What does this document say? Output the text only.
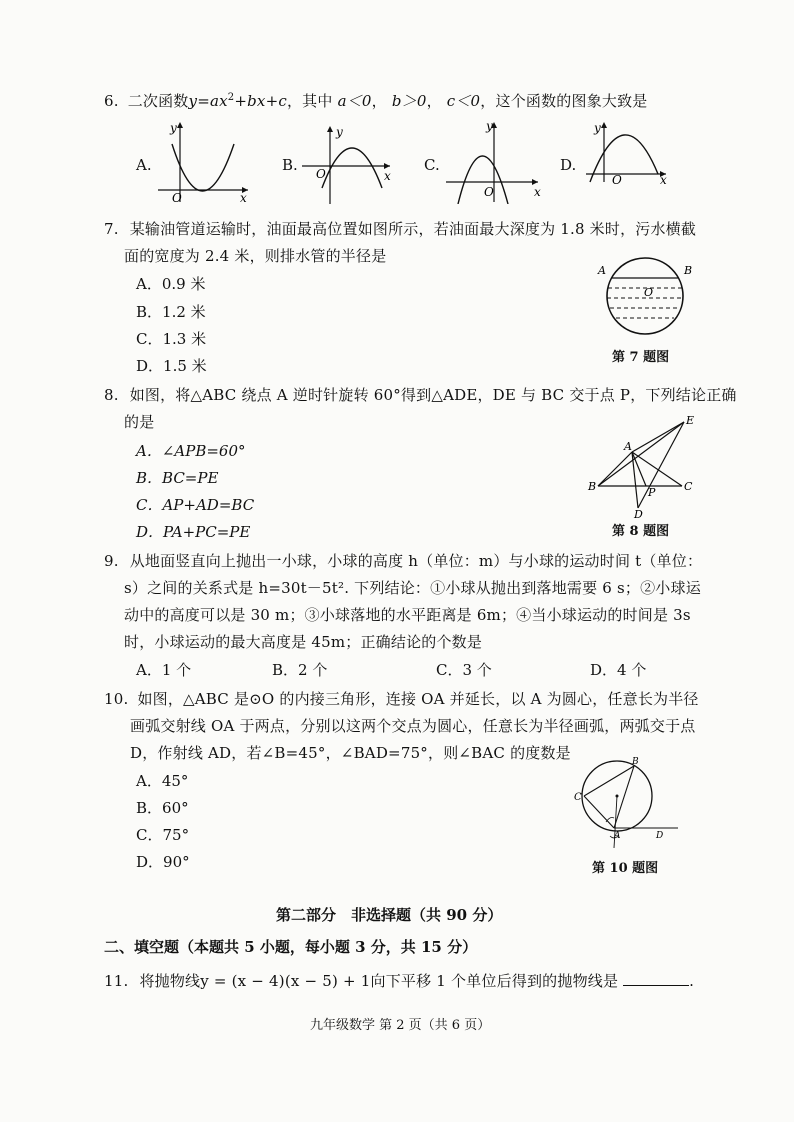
6. 二次函数$y=ax^2+bx+c$，其中 a＜0， b＞0， c＜0，这个函数的图象大致是
A.	B.	C.	D.
y
x
O
y
x
O
y
x
O
y
x
O
7. 某输油管道运输时，油面最高位置如图所示，若油面最大深度为 1.8 米时，污水横截
面的宽度为 2.4 米，则排水管的半径是
A．0.9 米
B．1.2 米
C．1.3 米
D．1.5 米
A	B
O
第 7 题图
8. 如图，将△ABC 绕点 A 逆时针旋转 60°得到△ADE，DE 与 BC 交于点 P，下列结论正确
的是
A．∠APB=60°
B．BC=PE
C．AP+AD=BC
D．PA+PC=PE
A
B	C
E
D
P
第 8 题图
9. 从地面竖直向上抛出一小球，小球的高度 h（单位：m）与小球的运动时间 t（单位：
s）之间的关系式是 h=30t－5t². 下列结论：①小球从抛出到落地需要 6 s；②小球运
动中的高度可以是 30 m；③小球落地的水平距离是 6m；④当小球运动的时间是 3s
时，小球运动的最大高度是 45m；正确结论的个数是
A．1 个	B．2 个	C．3 个	D．4 个
10. 如图，△ABC 是⊙O 的内接三角形，连接 OA 并延长，以 A 为圆心，任意长为半径
画弧交射线 OA 于两点，分别以这两个交点为圆心，任意长为半径画弧，两弧交于点
D，作射线 AD，若∠B=45°，∠BAD=75°，则∠BAC 的度数是
A．45°
B．60°
C．75°
D．90°
B
C
A	D
第 10 题图
第二部分　非选择题（共 90 分）
二、填空题（本题共 5 小题，每小题 3 分，共 15 分）
11. 将抛物线y = (x − 4)(x − 5) + 1向下平移 1 个单位后得到的抛物线是	.
九年级数学 第 2 页（共 6 页）
